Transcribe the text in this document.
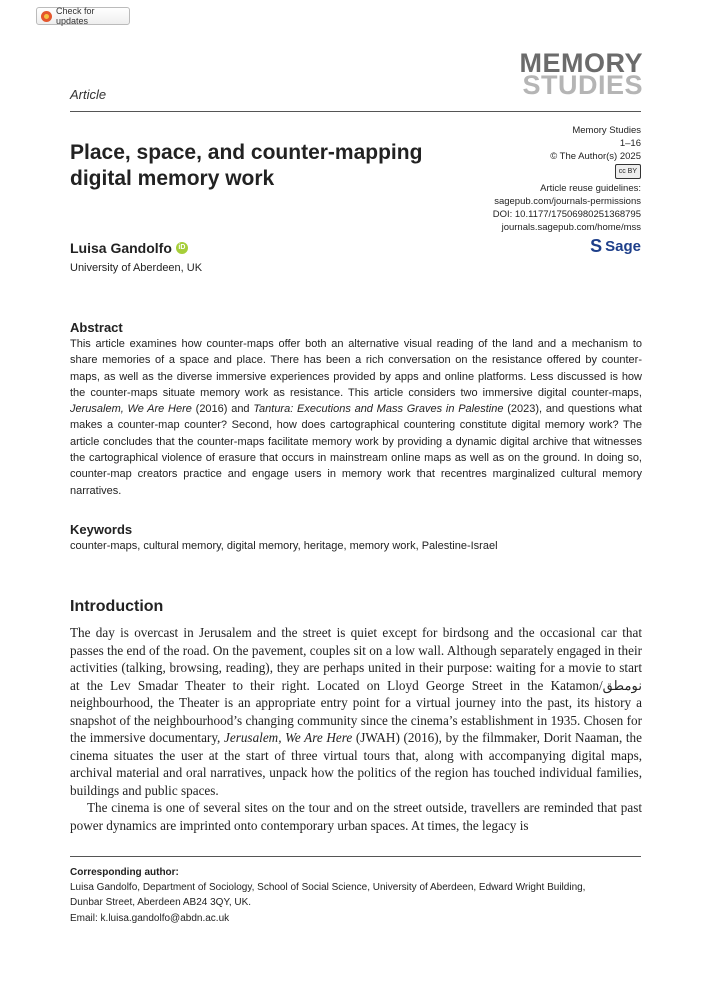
Check for updates
MEMORY
STUDIES
Article
Place, space, and counter-mapping digital memory work
Memory Studies
1–16
© The Author(s) 2025
cc BY
Article reuse guidelines:
sagepub.com/journals-permissions
DOI: 10.1177/17506980251368795
journals.sagepub.com/home/mss
S Sage
Luisa Gandolfo iD
University of Aberdeen, UK
Abstract
This article examines how counter-maps offer both an alternative visual reading of the land and a mechanism to share memories of a space and place. There has been a rich conversation on the resistance offered by counter-maps, as well as the diverse immersive experiences provided by apps and online platforms. Less discussed is how the counter-maps situate memory work as resistance. This article considers two immersive digital counter-maps, Jerusalem, We Are Here (2016) and Tantura: Executions and Mass Graves in Palestine (2023), and questions what makes a counter-map counter? Second, how does cartographical countering constitute digital memory work? The article concludes that the counter-maps facilitate memory work by providing a dynamic digital archive that witnesses the cartographical violence of erasure that occurs in mainstream online maps as well as on the ground. In doing so, counter-map creators practice and engage users in memory work that recentres marginalized cultural memory narratives.
Keywords
counter-maps, cultural memory, digital memory, heritage, memory work, Palestine-Israel
Introduction

The day is overcast in Jerusalem and the street is quiet except for birdsong and the occasional car that passes the end of the road. On the pavement, couples sit on a low wall. Although separately engaged in their activities (talking, browsing, reading), they are perhaps united in their purpose: waiting for a movie to start at the Lev Smadar Theater to their right. Located on Lloyd George Street in the Katamon/نومطق neighbourhood, the Theater is an appropriate entry point for a virtual journey into the past, its history a snapshot of the neighbourhood’s changing community since the cinema’s establishment in 1935. Chosen for the immersive documentary, Jerusalem, We Are Here (JWAH) (2016), by the filmmaker, Dorit Naaman, the cinema situates the user at the start of three virtual tours that, along with accompanying digital maps, archival material and oral narratives, unpack how the politics of the region has touched individual families, buildings and public spaces.

The cinema is one of several sites on the tour and on the street outside, travellers are reminded that past power dynamics are imprinted onto contemporary urban spaces. At times, the legacy is

Corresponding author:
Luisa Gandolfo, Department of Sociology, School of Social Science, University of Aberdeen, Edward Wright Building,
Dunbar Street, Aberdeen AB24 3QY, UK.
Email: k.luisa.gandolfo@abdn.ac.uk
